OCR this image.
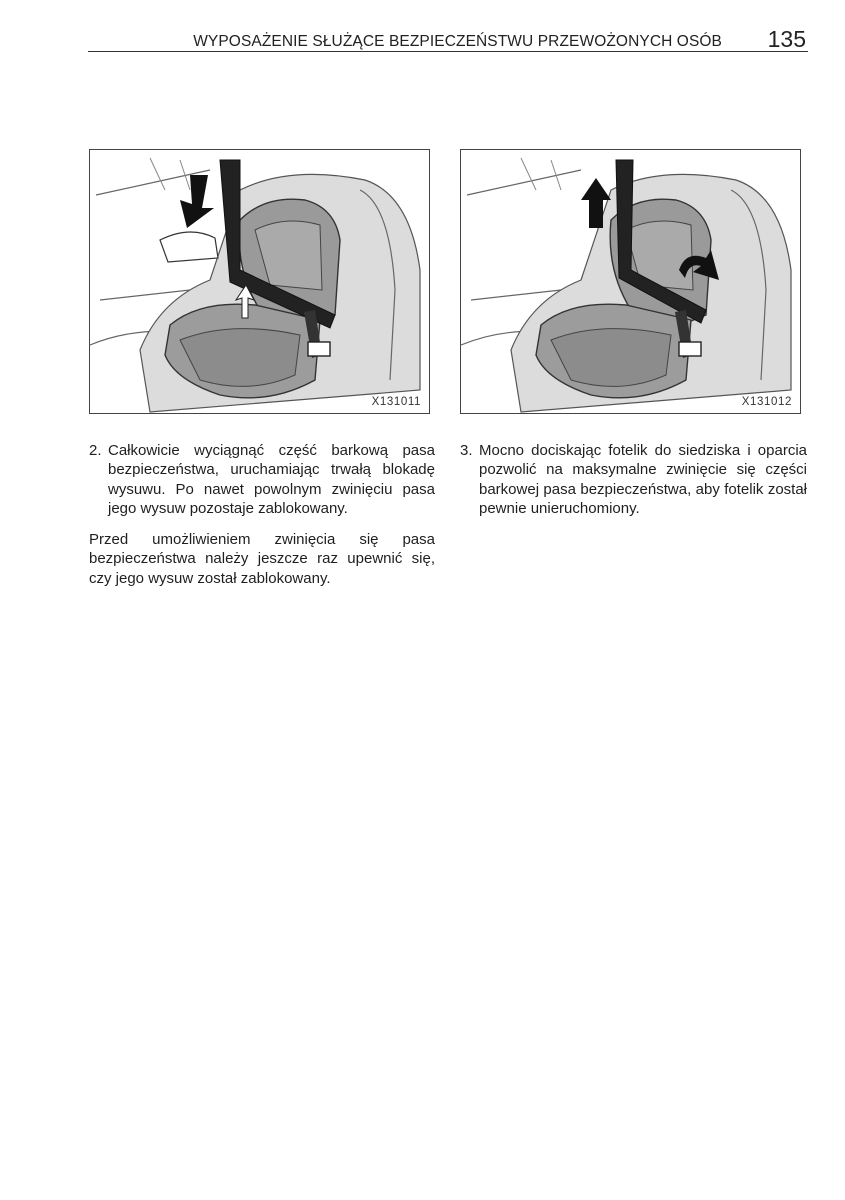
WYPOSAŻENIE SŁUŻĄCE BEZPIECZEŃSTWU PRZEWOŻONYCH OSÓB 135
X131011	X131012
2. Całkowicie wyciągnąć część barkową pasa bezpieczeństwa, uruchamiając trwałą blokadę wysuwu. Po nawet powolnym zwinięciu pasa jego wysuw pozostaje zablokowany.
Przed umożliwieniem zwinięcia się pasa bezpieczeństwa należy jeszcze raz upewnić się, czy jego wysuw został zablokowany.
3. Mocno dociskając fotelik do siedziska i oparcia pozwolić na maksymalne zwinięcie się części barkowej pasa bezpieczeństwa, aby fotelik został pewnie unieruchomiony.
